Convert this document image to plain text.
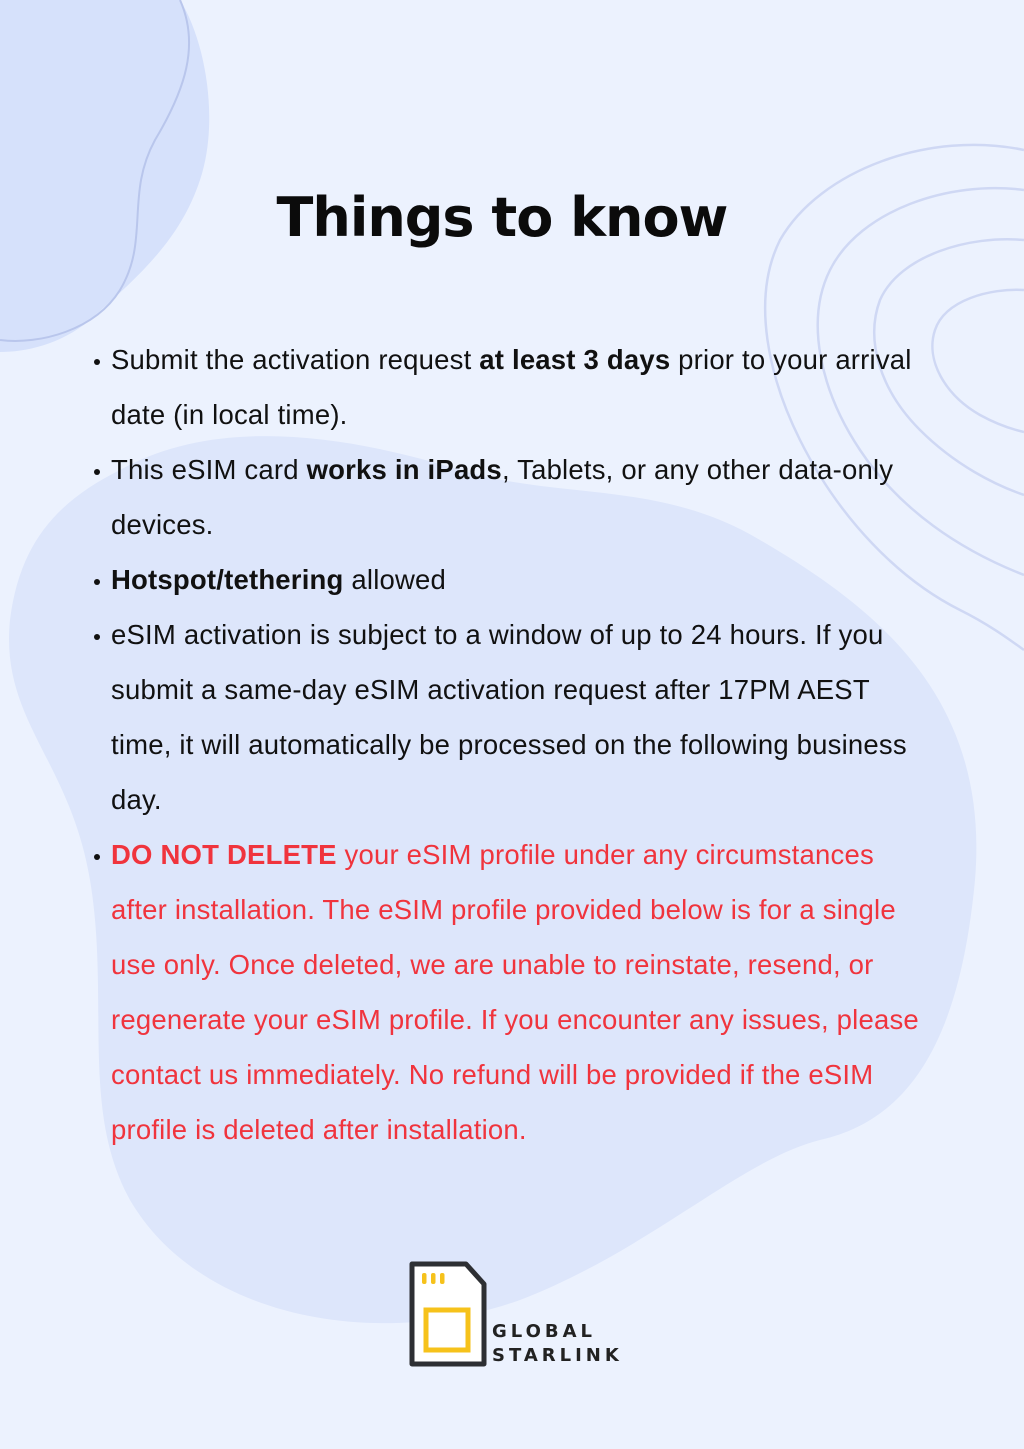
Things to know
Submit the activation request at least 3 days prior to your arrival date (in local time).
This eSIM card works in iPads, Tablets, or any other data-only devices.
Hotspot/tethering allowed
eSIM activation is subject to a window of up to 24 hours. If you submit a same-day eSIM activation request after 17PM AEST time, it will automatically be processed on the following business day.
DO NOT DELETE your eSIM profile under any circumstances after installation. The eSIM profile provided below is for a single use only. Once deleted, we are unable to reinstate, resend, or regenerate your eSIM profile. If you encounter any issues, please contact us immediately. No refund will be provided if the eSIM profile is deleted after installation.
GLOBAL
STARLINK
